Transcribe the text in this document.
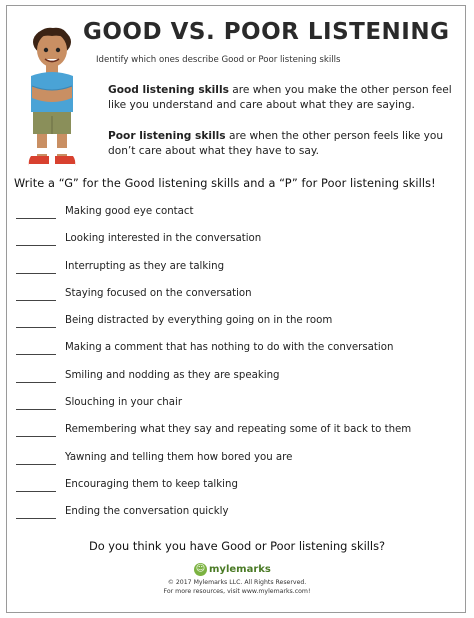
GOOD VS. POOR LISTENING
Identify which ones describe Good or Poor listening skills
Good listening skills are when you make the other person feel like you understand and care about what they are saying.
Poor listening skills are when the other person feels like you don’t care about what they have to say.
Write a “G” for the Good listening skills and a “P” for Poor listening skills!
Making good eye contact
Looking interested in the conversation
Interrupting as they are talking
Staying focused on the conversation
Being distracted by everything going on in the room
Making a comment that has nothing to do with the conversation
Smiling and nodding as they are speaking
Slouching in your chair
Remembering what they say and repeating some of it back to them
Yawning and telling them how bored you are
Encouraging them to keep talking
Ending the conversation quickly
Do you think you have Good or Poor listening skills?
☺ mylemarks
© 2017 Mylemarks LLC. All Rights Reserved.
For more resources, visit www.mylemarks.com!
